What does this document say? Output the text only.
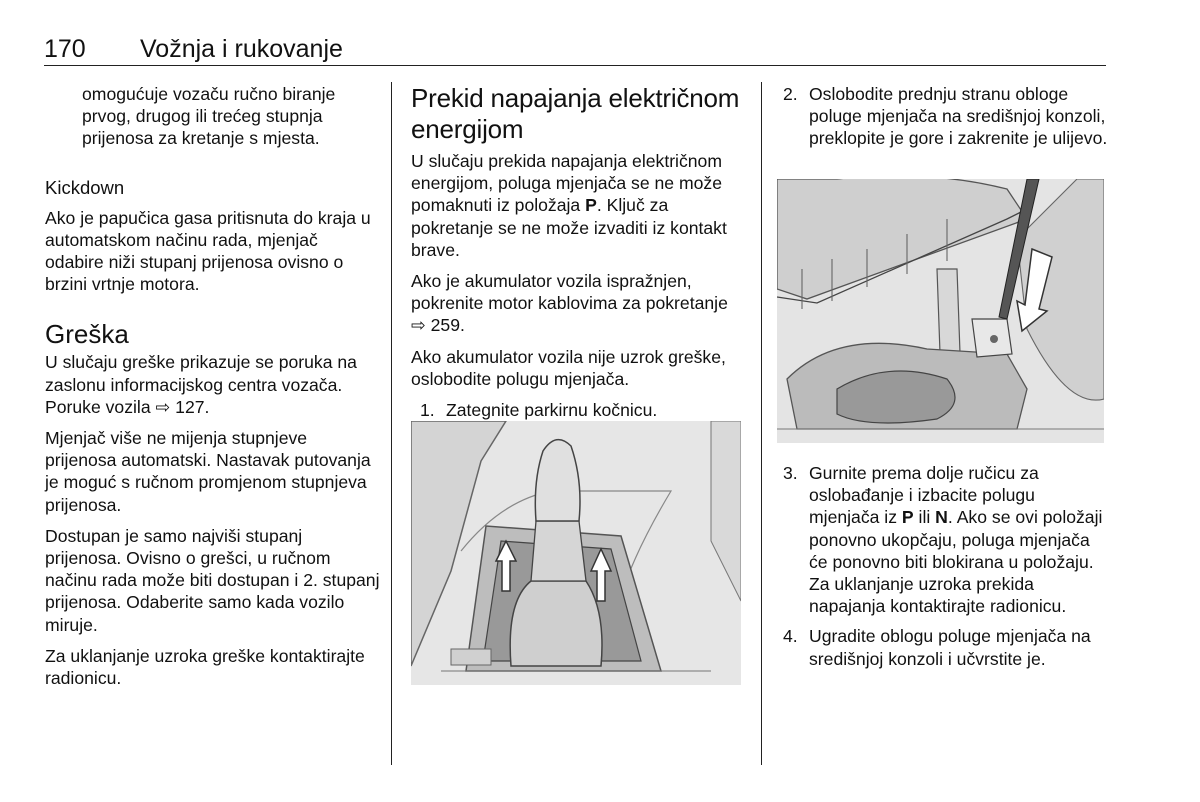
170 Vožnja i rukovanje

omogućuje vozaču ručno biranje prvog, drugog ili trećeg stupnja prijenosa za kretanje s mjesta.

Kickdown

Ako je papučica gasa pritisnuta do kraja u automatskom načinu rada, mjenjač odabire niži stupanj prijenosa ovisno o brzini vrtnje motora.

Greška

U slučaju greške prikazuje se poruka na zaslonu informacijskog centra vozača. Poruke vozila ⇨ 127.

Mjenjač više ne mijenja stupnjeve prijenosa automatski. Nastavak putovanja je moguć s ručnom promjenom stupnjeva prijenosa.

Dostupan je samo najviši stupanj prijenosa. Ovisno o grešci, u ručnom načinu rada može biti dostupan i 2. stupanj prijenosa. Odaberite samo kada vozilo miruje.

Za uklanjanje uzroka greške kontaktirajte radionicu.

Prekid napajanja električnom energijom

U slučaju prekida napajanja električnom energijom, poluga mjenjača se ne može pomaknuti iz položaja P. Ključ za pokretanje se ne može izvaditi iz kontakt brave.

Ako je akumulator vozila ispražnjen, pokrenite motor kablovima za pokretanje ⇨ 259.

Ako akumulator vozila nije uzrok greške, oslobodite polugu mjenjača.

1. Zategnite parkirnu kočnicu.
2. Oslobodite prednju stranu obloge poluge mjenjača na središnjoj konzoli, preklopite je gore i zakrenite je ulijevo.
3. Gurnite prema dolje ručicu za oslobađanje i izbacite polugu mjenjača iz P ili N. Ako se ovi položaji ponovno ukopčaju, poluga mjenjača će ponovno biti blokirana u položaju. Za uklanjanje uzroka prekida napajanja kontaktirajte radionicu.
4. Ugradite oblogu poluge mjenjača na središnjoj konzoli i učvrstite je.
